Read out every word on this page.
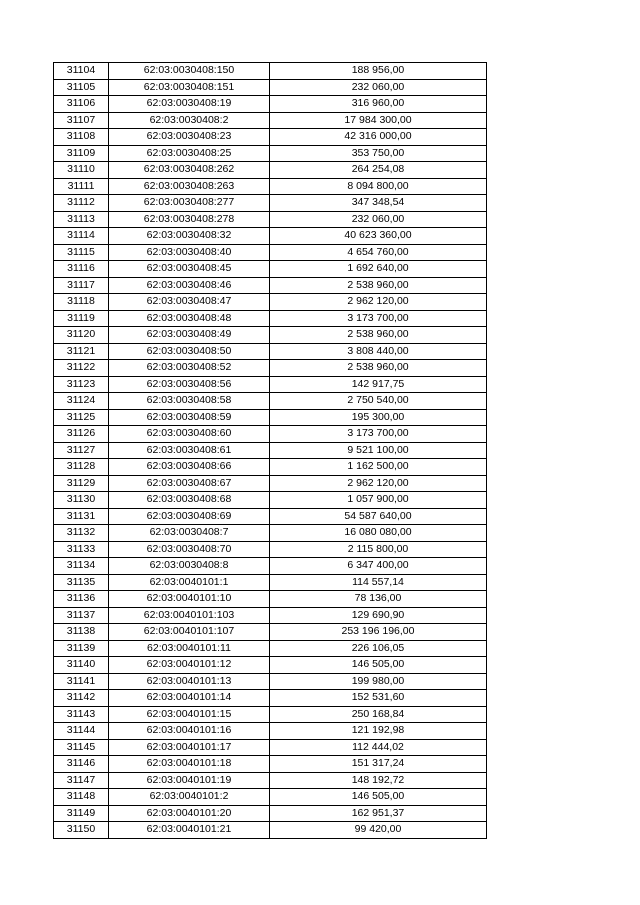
31104	62:03:0030408:150	188 956,00
31105	62:03:0030408:151	232 060,00
31106	62:03:0030408:19	316 960,00
31107	62:03:0030408:2	17 984 300,00
31108	62:03:0030408:23	42 316 000,00
31109	62:03:0030408:25	353 750,00
31110	62:03:0030408:262	264 254,08
31111	62:03:0030408:263	8 094 800,00
31112	62:03:0030408:277	347 348,54
31113	62:03:0030408:278	232 060,00
31114	62:03:0030408:32	40 623 360,00
31115	62:03:0030408:40	4 654 760,00
31116	62:03:0030408:45	1 692 640,00
31117	62:03:0030408:46	2 538 960,00
31118	62:03:0030408:47	2 962 120,00
31119	62:03:0030408:48	3 173 700,00
31120	62:03:0030408:49	2 538 960,00
31121	62:03:0030408:50	3 808 440,00
31122	62:03:0030408:52	2 538 960,00
31123	62:03:0030408:56	142 917,75
31124	62:03:0030408:58	2 750 540,00
31125	62:03:0030408:59	195 300,00
31126	62:03:0030408:60	3 173 700,00
31127	62:03:0030408:61	9 521 100,00
31128	62:03:0030408:66	1 162 500,00
31129	62:03:0030408:67	2 962 120,00
31130	62:03:0030408:68	1 057 900,00
31131	62:03:0030408:69	54 587 640,00
31132	62:03:0030408:7	16 080 080,00
31133	62:03:0030408:70	2 115 800,00
31134	62:03:0030408:8	6 347 400,00
31135	62:03:0040101:1	114 557,14
31136	62:03:0040101:10	78 136,00
31137	62:03:0040101:103	129 690,90
31138	62:03:0040101:107	253 196 196,00
31139	62:03:0040101:11	226 106,05
31140	62:03:0040101:12	146 505,00
31141	62:03:0040101:13	199 980,00
31142	62:03:0040101:14	152 531,60
31143	62:03:0040101:15	250 168,84
31144	62:03:0040101:16	121 192,98
31145	62:03:0040101:17	112 444,02
31146	62:03:0040101:18	151 317,24
31147	62:03:0040101:19	148 192,72
31148	62:03:0040101:2	146 505,00
31149	62:03:0040101:20	162 951,37
31150	62:03:0040101:21	99 420,00
